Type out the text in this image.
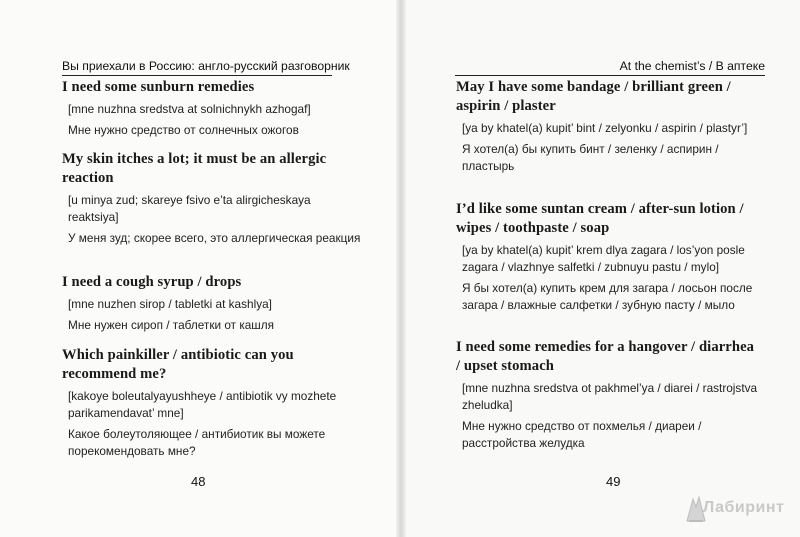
Вы приехали в Россию: англо-русский разговорник	At the chemist’s / В аптеке

I need some sunburn remedies

[mne nuzhna sredstva at solnichnykh azhogaf]

Мне нужно средство от солнечных ожогов

My skin itches a lot; it must be an allergic reaction

[u minya zud; skareye fsivo e’ta alirgicheskaya reaktsiya]

У меня зуд; скорее всего, это аллергическая реакция

I need a cough syrup / drops

[mne nuzhen sirop / tabletki at kashlya]

Мне нужен сироп / таблетки от кашля

Which painkiller / antibiotic can you recommend me?

[kakoye boleutalyayushheye / antibiotik vy mozhete parikamendavat’ mne]

Какое болеутоляющее / антибиотик вы можете порекомендовать мне?

May I have some bandage / brilliant green / aspirin / plaster

[ya by khatel(a) kupit’ bint / zelyonku / aspirin / plastyr’]

Я хотел(а) бы купить бинт / зеленку / аспирин / пластырь

I’d like some suntan cream / after-sun lotion / wipes / toothpaste / soap

[ya by khatel(a) kupit’ krem dlya zagara / los’yon posle zagara / vlazhnye salfetki / zubnuyu pastu / mylo]

Я бы хотел(а) купить крем для загара / лосьон после загара / влажные салфетки / зубную пасту / мыло

I need some remedies for a hangover / diarrhea / upset stomach

[mne nuzhna sredstva ot pakhmel’ya / diarei / rastrojstva zheludka]

Мне нужно средство от похмелья / диареи / расстройства желудка

48	49
Лабиринт
